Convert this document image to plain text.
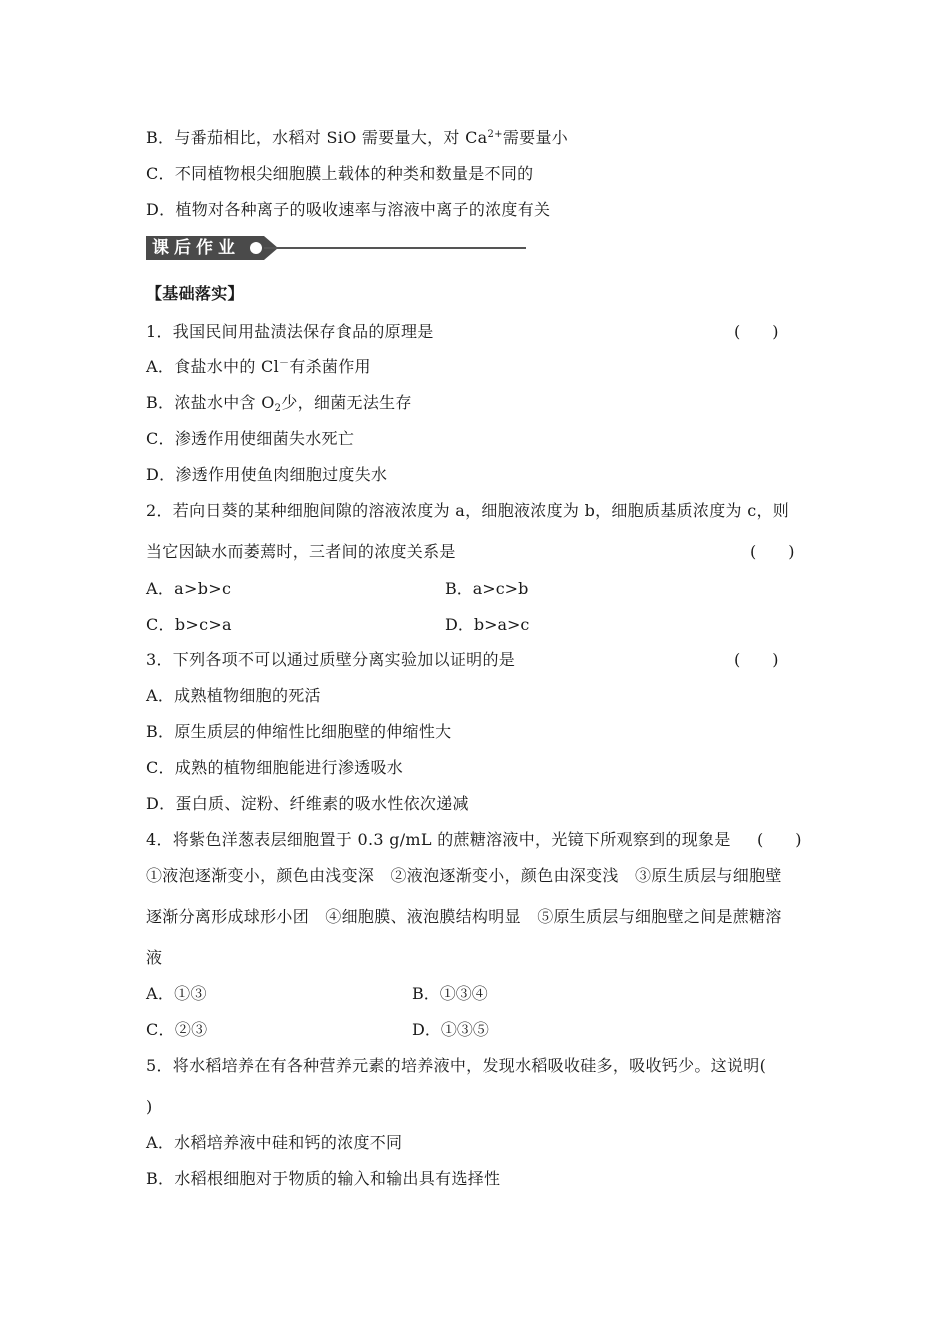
B．与番茄相比，水稻对 SiO 需要量大，对 $Ca^{2+}$需要量小
C．不同植物根尖细胞膜上载体的种类和数量是不同的
D．植物对各种离子的吸收速率与溶液中离子的浓度有关
课后作业
【基础落实】
1．我国民间用盐渍法保存食品的原理是	(　　)
A．食盐水中的 Cl－有杀菌作用
B．浓盐水中含 $O_2$少，细菌无法生存
C．渗透作用使细菌失水死亡
D．渗透作用使鱼肉细胞过度失水
2．若向日葵的某种细胞间隙的溶液浓度为 a，细胞液浓度为 b，细胞质基质浓度为 c，则
当它因缺水而萎蔫时，三者间的浓度关系是	(　　)
A．a>b>c	B．a>c>b
C．b>c>a	D．b>a>c
3．下列各项不可以通过质壁分离实验加以证明的是	(　　)
A．成熟植物细胞的死活
B．原生质层的伸缩性比细胞壁的伸缩性大
C．成熟的植物细胞能进行渗透吸水
D．蛋白质、淀粉、纤维素的吸水性依次递减
4．将紫色洋葱表层细胞置于 0.3 g/mL 的蔗糖溶液中，光镜下所观察到的现象是 (　　)
①液泡逐渐变小，颜色由浅变深　②液泡逐渐变小，颜色由深变浅　③原生质层与细胞壁
逐渐分离形成球形小团　④细胞膜、液泡膜结构明显　⑤原生质层与细胞壁之间是蔗糖溶
液
A．①③	B．①③④
C．②③	D．①③⑤
5．将水稻培养在有各种营养元素的培养液中，发现水稻吸收硅多，吸收钙少。这说明(
)
A．水稻培养液中硅和钙的浓度不同
B．水稻根细胞对于物质的输入和输出具有选择性
